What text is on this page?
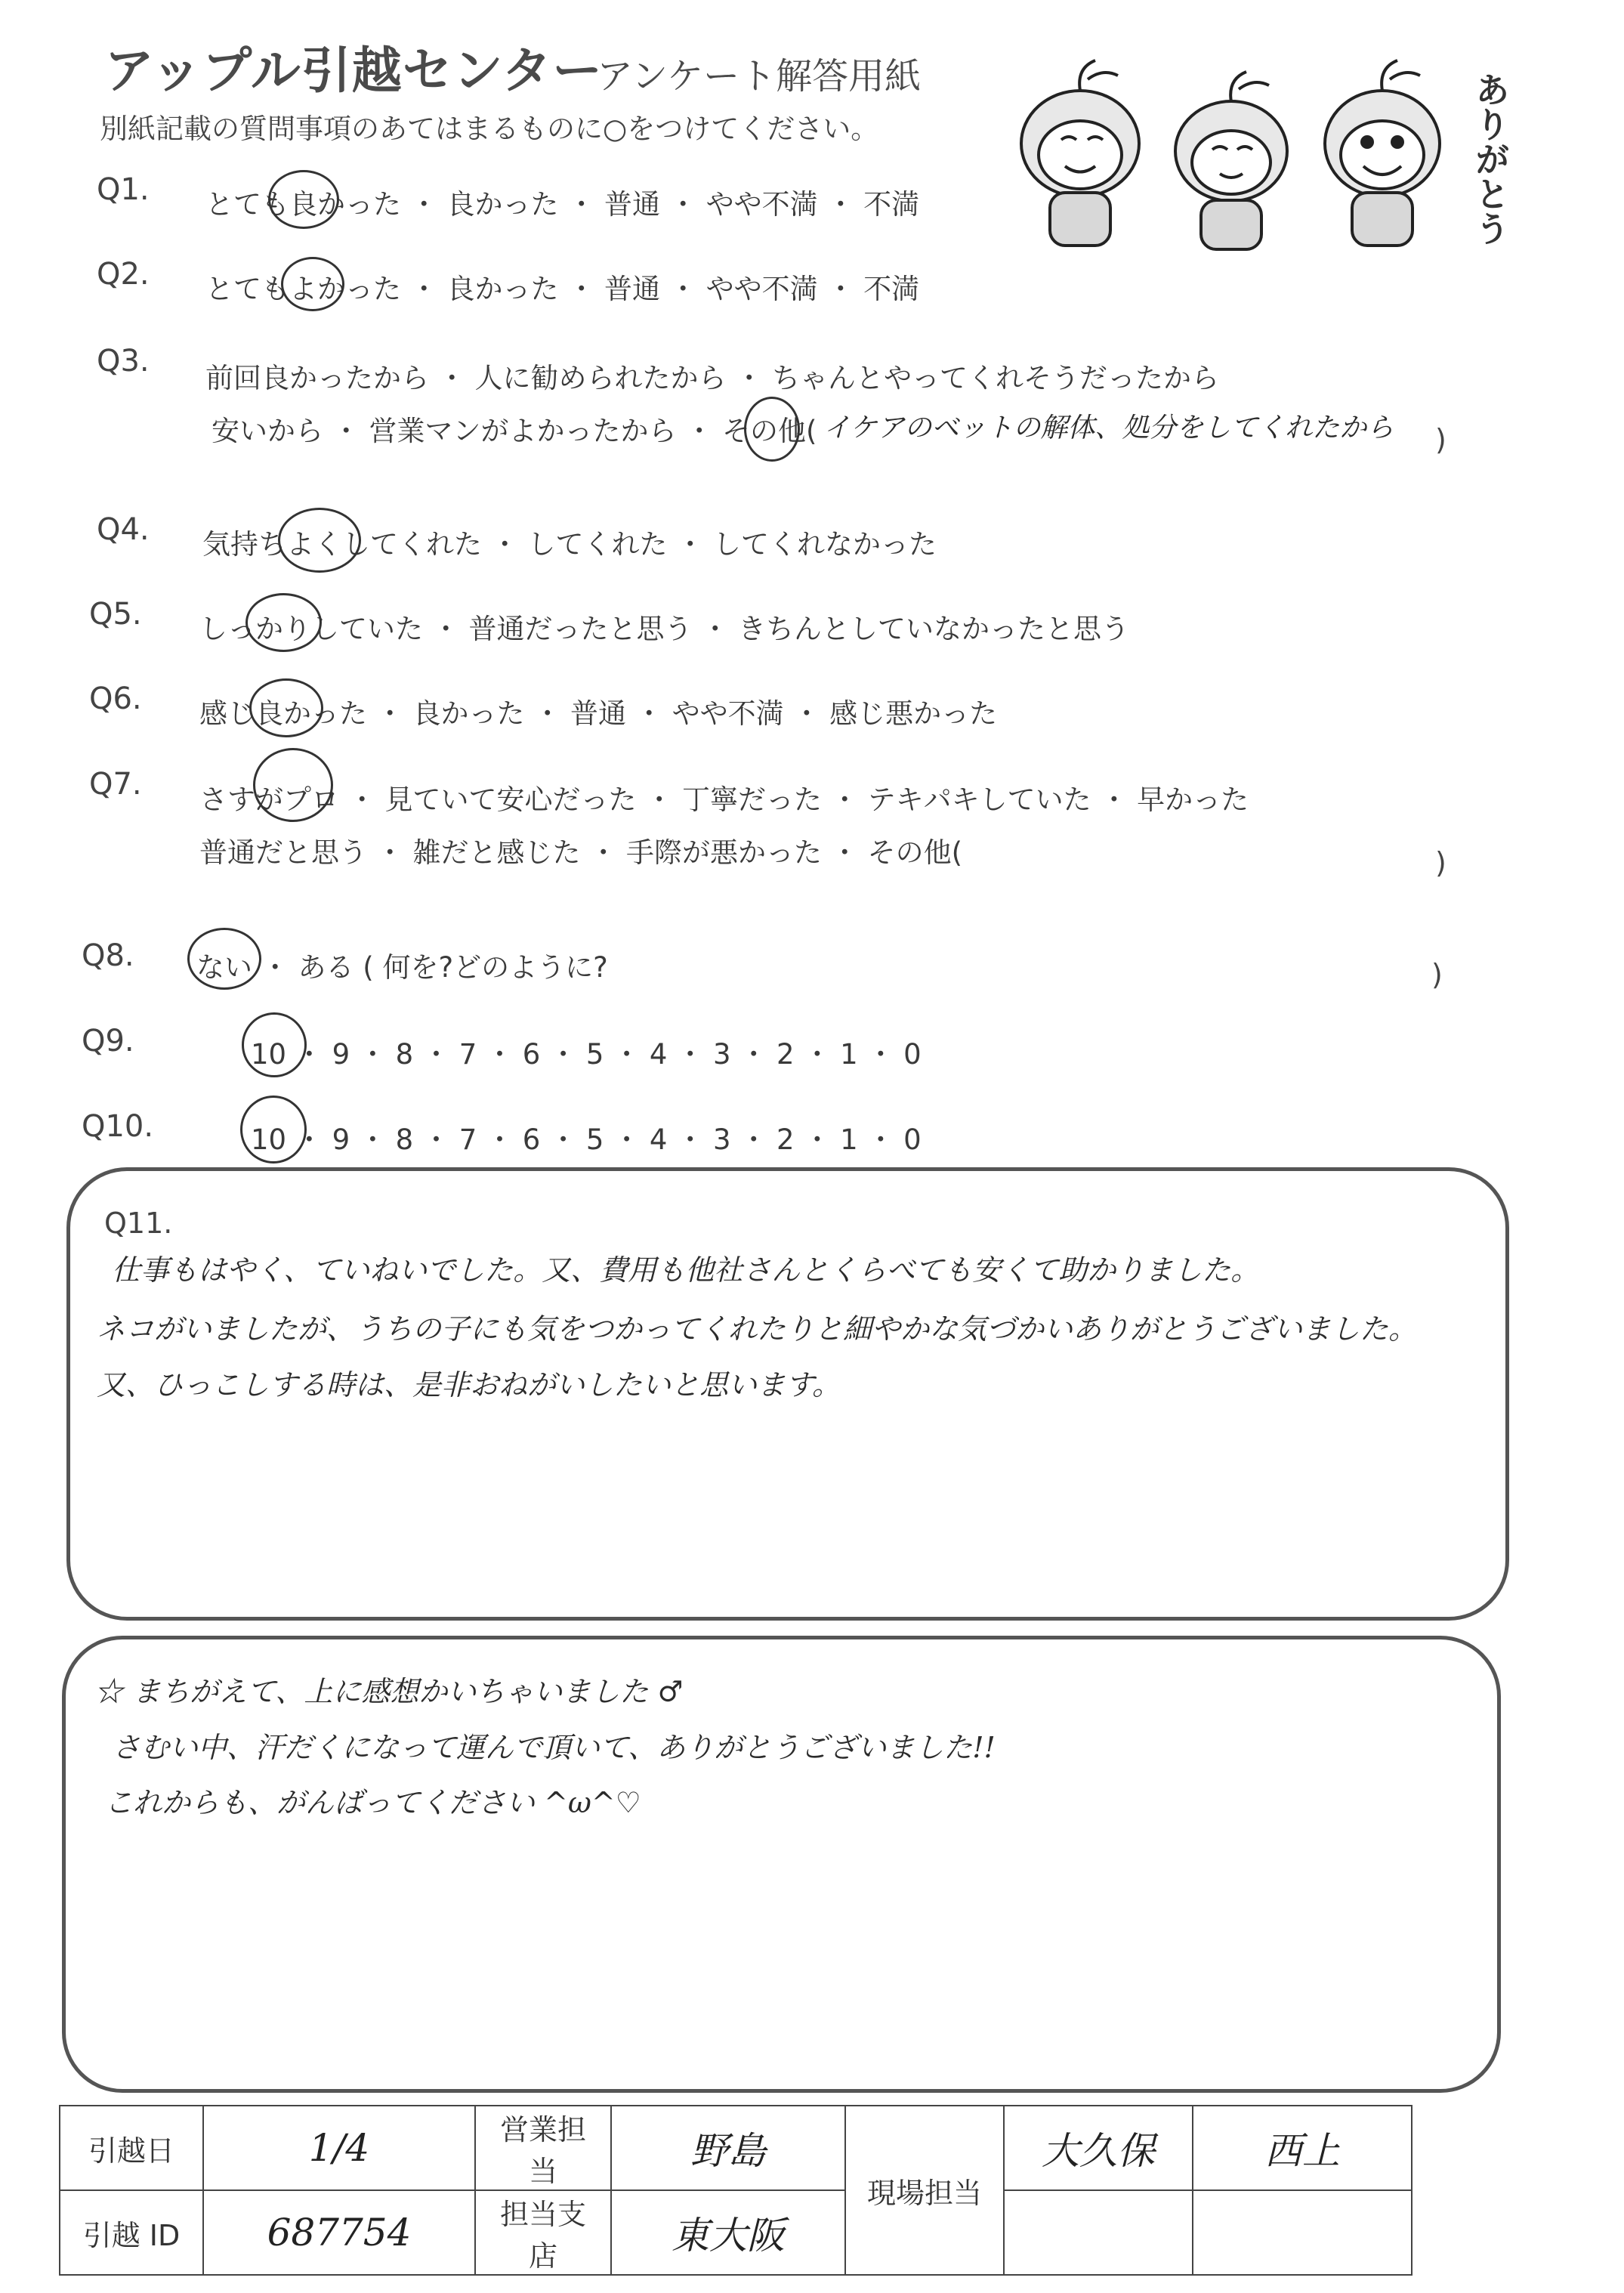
アップル引越センター
アンケート解答用紙
別紙記載の質問事項のあてはまるものに○をつけてください。	ありがとう
Q1. とても良かった ・ 良かった ・ 普通 ・ やや不満 ・ 不満
Q2. とてもよかった ・ 良かった ・ 普通 ・ やや不満 ・ 不満
Q3. 前回良かったから ・ 人に勧められたから ・ ちゃんとやってくれそうだったから
安いから ・ 営業マンがよかったから ・ その他( イケアのベットの解体、処分をしてくれたから )
Q4. 気持ちよくしてくれた ・ してくれた ・ してくれなかった
Q5. しっかりしていた ・ 普通だったと思う ・ きちんとしていなかったと思う
Q6. 感じ良かった ・ 良かった ・ 普通 ・ やや不満 ・ 感じ悪かった
Q7. さすがプロ ・ 見ていて安心だった ・ 丁寧だった ・ テキパキしていた ・ 早かった
普通だと思う ・ 雑だと感じた ・ 手際が悪かった ・ その他(	)
Q8. ない ・ ある ( 何を?どのように?	)
Q9.	10 ・ 9 ・ 8 ・ 7 ・ 6 ・ 5 ・ 4 ・ 3 ・ 2 ・ 1 ・ 0
Q10.	10 ・ 9 ・ 8 ・ 7 ・ 6 ・ 5 ・ 4 ・ 3 ・ 2 ・ 1 ・ 0
Q11.
仕事もはやく、ていねいでした。又、費用も他社さんとくらべても安くて助かりました。
ネコがいましたが、うちの子にも気をつかってくれたりと細やかな気づかいありがとうございました。
又、ひっこしする時は、是非おねがいしたいと思います。
☆ まちがえて、上に感想かいちゃいました ♂
さむい中、汗だくになって運んで頂いて、ありがとうございました!!
これからも、がんばってください ^ω^♡
引越日	1/4	営業担当	野島	現場担当	大久保	西上
引越 ID	687754	担当支店	東大阪			
